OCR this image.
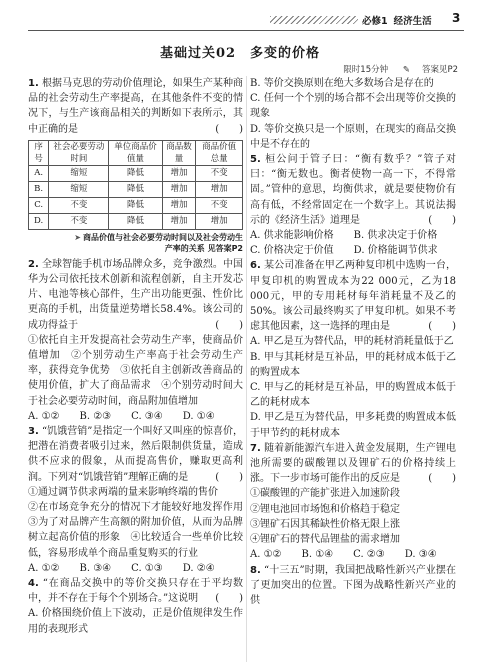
必修1 经济生活 3
基础过关02　多变的价格
限时15分钟 ✎ 答案见P2

1. 根据马克思的劳动价值理论，如果生产某种商品的社会劳动生产率提高，在其他条件不变的情况下，与生产该商品相关的判断如下表所示，其中正确的是	(　　)

序号	社会必要劳动时间	单位商品价值量	商品数量	商品价值总量
A.	缩短	降低	增加	不变
B.	缩短	降低	增加	增加
C.	不变	降低	增加	不变
D.	不变	降低	增加	增加
➤ 商品价值与社会必要劳动时间以及社会劳动生
产率的关系 见答案P2

2. 全球智能手机市场品牌众多，竞争激烈。中国华为公司依托技术创新和流程创新，自主开发芯片、电池等核心部件，生产出功能更强、性价比更高的手机，出货量逆势增长58.4%。该公司的成功得益于	(　　)

①依托自主开发提高社会劳动生产率，使商品价值增加　②个别劳动生产率高于社会劳动生产率，获得竞争优势　③依托自主创新改善商品的使用价值，扩大了商品需求　④个别劳动时间大于社会必要劳动时间，商品附加值增加

A. ①②　　B. ②③　　C. ③④　　D. ①④

3. “饥饿营销”是指定一个叫好又叫座的惊喜价，把潜在消费者吸引过来，然后限制供货量，造成供不应求的假象，从而提高售价，赚取更高利润。下列对“饥饿营销”理解正确的是	(　　)

①通过调节供求两端的量来影响终端的售价

②在市场竞争充分的情况下才能较好地发挥作用　③为了对品牌产生高额的附加价值，从而为品牌树立起高价值的形象　④比较适合一些单价比较低，容易形成单个商品重复购买的行业

A. ①②　　B. ③④　　C. ①③　　D. ②④

4. “在商品交换中的等价交换只存在于平均数中，并不存在于每个个别场合。”这说明 (　　)

A. 价格围绕价值上下波动，正是价值规律发生作用的表现形式

B. 等价交换原则在绝大多数场合是存在的

C. 任何一个个别的场合都不会出现等价交换的现象

D. 等价交换只是一个原则，在现实的商品交换中是不存在的

5. 桓公问于管子曰：“衡有数乎？”管子对曰：“衡无数也。衡者使物一高一下，不得常固。”管仲的意思，均衡供求，就是要使物价有高有低，不经常固定在一个数字上。其说法揭示的《经济生活》道理是	(　　)

A. 供求能影响价格　　 B. 供求决定于价格

C. 价格决定于价值　　 D. 价格能调节供求

6. 某公司准备在甲乙两种复印机中选购一台，甲复印机的购置成本为22 000元，乙为18 000元，甲的专用耗材每年消耗量不及乙的50%。该公司最终购买了甲复印机。如果不考虑其他因素，这一选择的理由是	(　　)

A. 甲乙是互为替代品，甲的耗材消耗量低于乙

B. 甲与其耗材是互补品，甲的耗材成本低于乙的购置成本

C. 甲与乙的耗材是互补品，甲的购置成本低于乙的耗材成本

D. 甲乙是互为替代品，甲多耗费的购置成本低于甲节约的耗材成本

7. 随着新能源汽车进入黄金发展期，生产锂电池所需要的碳酸锂以及锂矿石的价格持续上涨。下一步市场可能作出的反应是	(　　)

①碳酸锂的产能扩张进入加速阶段

②锂电池回市场饱和价格趋于稳定

③锂矿石因其稀缺性价格无限上涨

④锂矿石的替代品锂盐的需求增加

A. ①②　　B. ①④　　C. ②③　　D. ③④

8. “十三五”时期，我国把战略性新兴产业摆在了更加突出的位置。下图为战略性新兴产业的供
